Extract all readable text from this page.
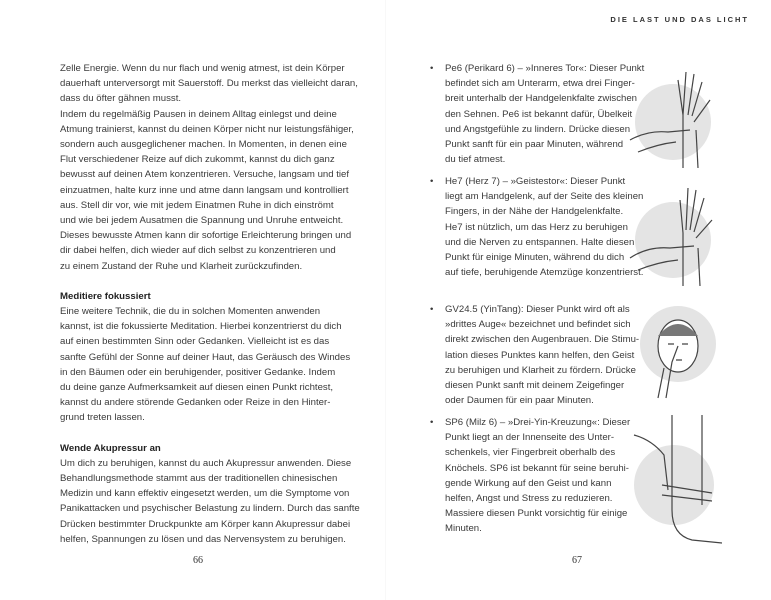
DIE LAST UND DAS LICHT
Zelle Energie. Wenn du nur flach und wenig atmest, ist dein Körper
dauerhaft unterversorgt mit Sauerstoff. Du merkst das vielleicht daran,
dass du öfter gähnen musst.
Indem du regelmäßig Pausen in deinem Alltag einlegst und deine
Atmung trainierst, kannst du deinen Körper nicht nur leistungsfähiger,
sondern auch ausgeglichener machen. In Momenten, in denen eine
Flut verschiedener Reize auf dich zukommt, kannst du dich ganz
bewusst auf deinen Atem konzentrieren. Versuche, langsam und tief
einzuatmen, halte kurz inne und atme dann langsam und kontrolliert
aus. Stell dir vor, wie mit jedem Einatmen Ruhe in dich einströmt
und wie bei jedem Ausatmen die Spannung und Unruhe entweicht.
Dieses bewusste Atmen kann dir sofortige Erleichterung bringen und
dir dabei helfen, dich wieder auf dich selbst zu konzentrieren und
zu einem Zustand der Ruhe und Klarheit zurückzufinden.
Meditiere fokussiert
Eine weitere Technik, die du in solchen Momenten anwenden
kannst, ist die fokussierte Meditation. Hierbei konzentrierst du dich
auf einen bestimmten Sinn oder Gedanken. Vielleicht ist es das
sanfte Gefühl der Sonne auf deiner Haut, das Geräusch des Windes
in den Bäumen oder ein beruhigender, positiver Gedanke. Indem
du deine ganze Aufmerksamkeit auf diesen einen Punkt richtest,
kannst du andere störende Gedanken oder Reize in den Hinter-
grund treten lassen.
Wende Akupressur an
Um dich zu beruhigen, kannst du auch Akupressur anwenden. Diese
Behandlungsmethode stammt aus der traditionellen chinesischen
Medizin und kann effektiv eingesetzt werden, um die Symptome von
Panikattacken und psychischer Belastung zu lindern. Durch das sanfte
Drücken bestimmter Druckpunkte am Körper kann Akupressur dabei
helfen, Spannungen zu lösen und das Nervensystem zu beruhigen.
• Pe6 (Perikard 6) – »Inneres Tor«: Dieser Punkt
befindet sich am Unterarm, etwa drei Finger-
breit unterhalb der Handgelenkfalte zwischen
den Sehnen. Pe6 ist bekannt dafür, Übelkeit
und Angstgefühle zu lindern. Drücke diesen
Punkt sanft für ein paar Minuten, während
du tief atmest.
• He7 (Herz 7) – »Geistestor«: Dieser Punkt
liegt am Handgelenk, auf der Seite des kleinen
Fingers, in der Nähe der Handgelenkfalte.
He7 ist nützlich, um das Herz zu beruhigen
und die Nerven zu entspannen. Halte diesen
Punkt für einige Minuten, während du dich
auf tiefe, beruhigende Atemzüge konzentrierst.
• GV24.5 (YinTang): Dieser Punkt wird oft als
»drittes Auge« bezeichnet und befindet sich
direkt zwischen den Augenbrauen. Die Stimu-
lation dieses Punktes kann helfen, den Geist
zu beruhigen und Klarheit zu fördern. Drücke
diesen Punkt sanft mit deinem Zeigefinger
oder Daumen für ein paar Minuten.
• SP6 (Milz 6) – »Drei-Yin-Kreuzung«: Dieser
Punkt liegt an der Innenseite des Unter-
schenkels, vier Fingerbreit oberhalb des
Knöchels. SP6 ist bekannt für seine beruhi-
gende Wirkung auf den Geist und kann
helfen, Angst und Stress zu reduzieren.
Massiere diesen Punkt vorsichtig für einige
Minuten.
66	67
